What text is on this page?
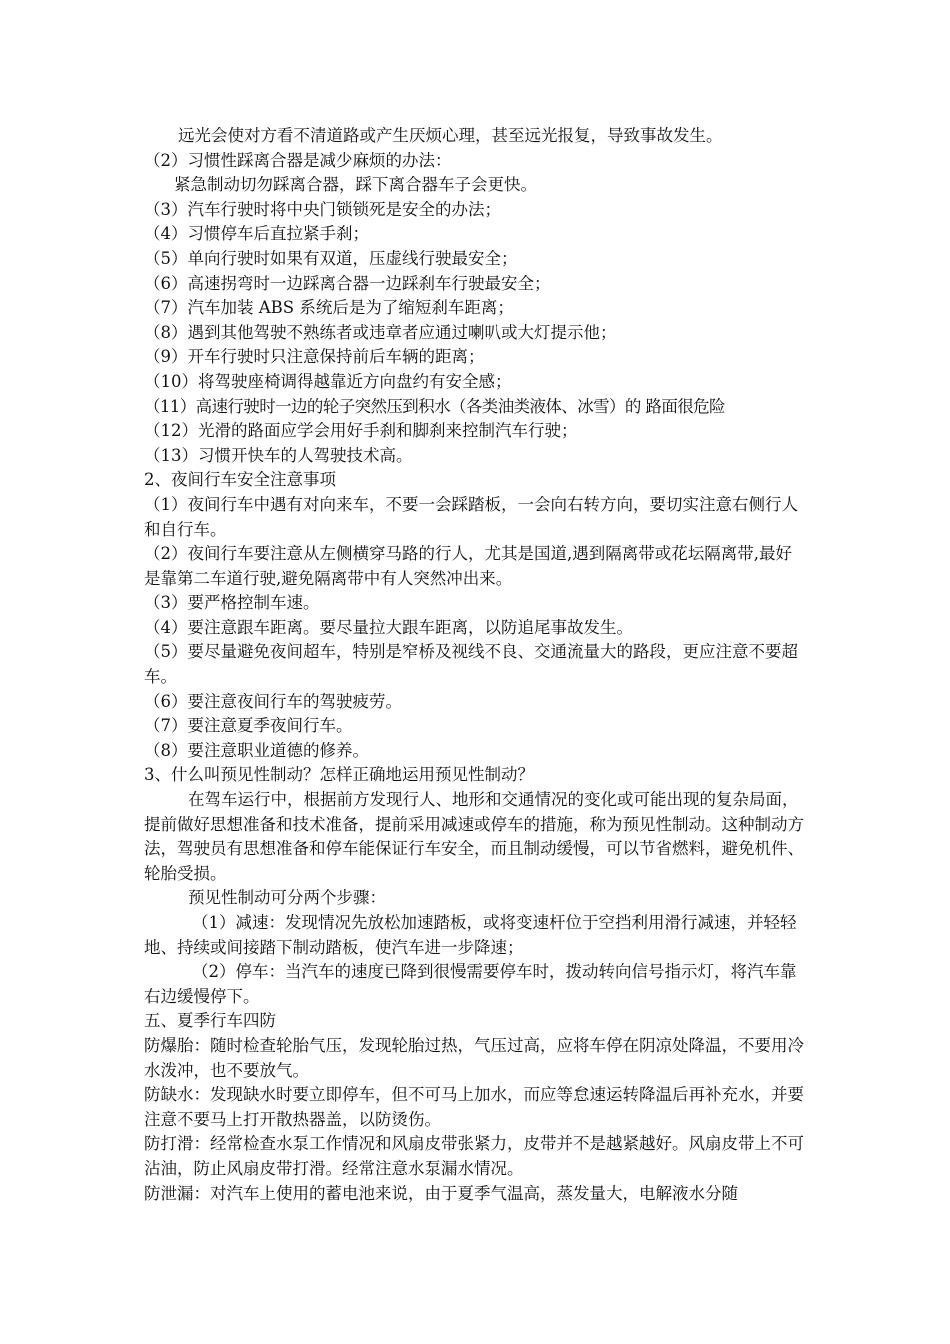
远光会使对方看不清道路或产生厌烦心理，甚至远光报复，导致事故发生。

（2）习惯性踩离合器是减少麻烦的办法：

紧急制动切勿踩离合器，踩下离合器车子会更快。

（3）汽车行驶时将中央门锁锁死是安全的办法；

（4）习惯停车后直拉紧手刹；

（5）单向行驶时如果有双道，压虚线行驶最安全；

（6）高速拐弯时一边踩离合器一边踩刹车行驶最安全；

（7）汽车加装 ABS 系统后是为了缩短刹车距离；

（8）遇到其他驾驶不熟练者或违章者应通过喇叭或大灯提示他；

（9）开车行驶时只注意保持前后车辆的距离；

（10）将驾驶座椅调得越靠近方向盘约有安全感；

（11）高速行驶时一边的轮子突然压到积水（各类油类液体、冰雪）的 路面很危险

（12）光滑的路面应学会用好手刹和脚刹来控制汽车行驶；

（13）习惯开快车的人驾驶技术高。

2、夜间行车安全注意事项

（1）夜间行车中遇有对向来车，不要一会踩踏板，一会向右转方向，要切实注意右侧行人和自行车。

（2）夜间行车要注意从左侧横穿马路的行人，尤其是国道,遇到隔离带或花坛隔离带,最好是靠第二车道行驶,避免隔离带中有人突然冲出来。

（3）要严格控制车速。

（4）要注意跟车距离。要尽量拉大跟车距离，以防追尾事故发生。

（5）要尽量避免夜间超车，特别是窄桥及视线不良、交通流量大的路段，更应注意不要超车。

（6）要注意夜间行车的驾驶疲劳。

（7）要注意夏季夜间行车。

（8）要注意职业道德的修养。

3、什么叫预见性制动？怎样正确地运用预见性制动？

在驾车运行中，根据前方发现行人、地形和交通情况的变化或可能出现的复杂局面，提前做好思想准备和技术准备，提前采用减速或停车的措施，称为预见性制动。这种制动方法，驾驶员有思想准备和停车能保证行车安全，而且制动缓慢，可以节省燃料，避免机件、轮胎受损。

预见性制动可分两个步骤：

（1）减速：发现情况先放松加速踏板，或将变速杆位于空挡利用滑行减速，并轻轻地、持续或间接踏下制动踏板，使汽车进一步降速；

（2）停车：当汽车的速度已降到很慢需要停车时，拨动转向信号指示灯，将汽车靠右边缓慢停下。

五、夏季行车四防

防爆胎：随时检查轮胎气压，发现轮胎过热，气压过高，应将车停在阴凉处降温，不要用冷水泼冲，也不要放气。

防缺水：发现缺水时要立即停车，但不可马上加水，而应等怠速运转降温后再补充水，并要注意不要马上打开散热器盖，以防烫伤。

防打滑：经常检查水泵工作情况和风扇皮带张紧力，皮带并不是越紧越好。风扇皮带上不可沾油，防止风扇皮带打滑。经常注意水泵漏水情况。

防泄漏：对汽车上使用的蓄电池来说，由于夏季气温高，蒸发量大，电解液水分随
